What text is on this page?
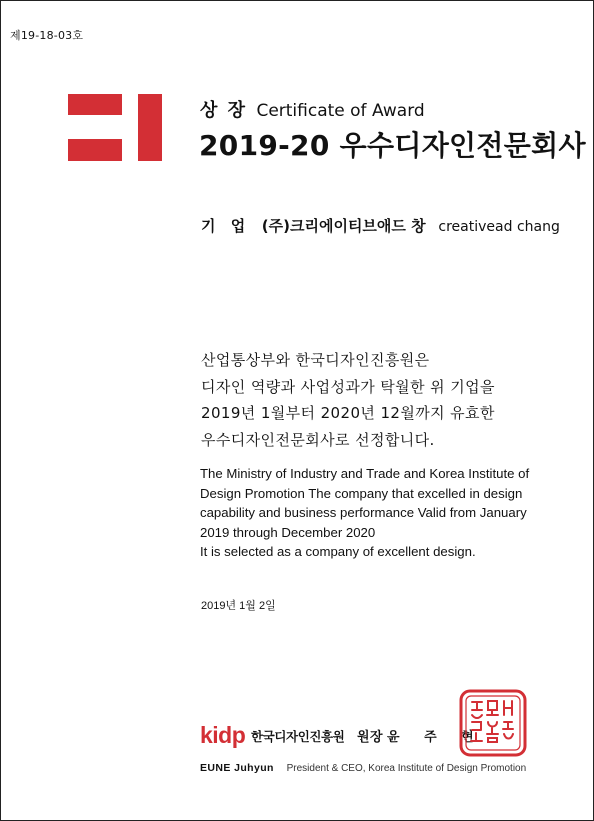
제19-18-03호
상 장 Certificate of Award
2019-20 우수디자인전문회사
기 업 (주)크리에이티브애드 창 creativead chang
산업통상부와 한국디자인진흥원은
디자인 역량과 사업성과가 탁월한 위 기업을
2019년 1월부터 2020년 12월까지 유효한
우수디자인전문회사로 선정합니다.
The Ministry of Industry and Trade and Korea Institute of
Design Promotion The company that excelled in design
capability and business performance Valid from January
2019 through December 2020
It is selected as a company of excellent design.
2019년 1월 2일
kidp 한국디자인진흥원 원장 윤 주 현
EUNE Juhyun President & CEO, Korea Institute of Design Promotion
